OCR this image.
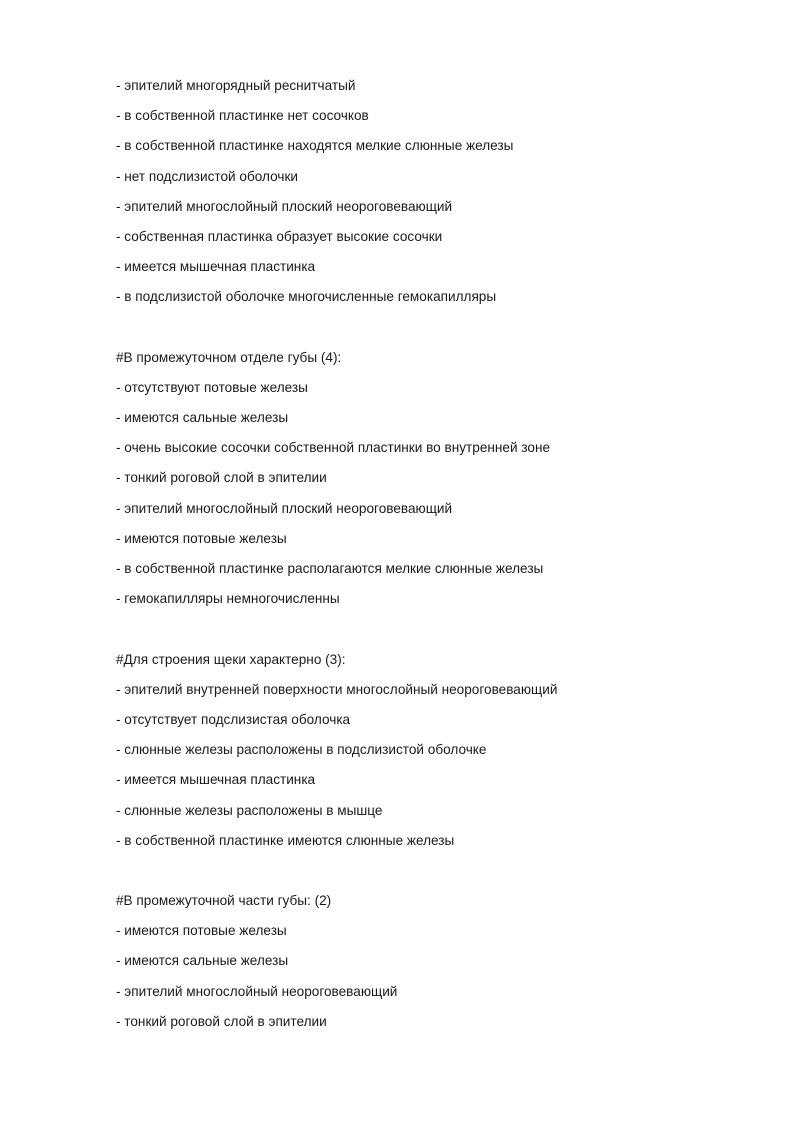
- эпителий многорядный реснитчатый
- в собственной пластинке нет сосочков
- в собственной пластинке находятся мелкие слюнные железы
- нет подслизистой оболочки
- эпителий многослойный плоский неороговевающий
- собственная пластинка образует высокие сосочки
- имеется мышечная пластинка
- в подслизистой оболочке многочисленные гемокапилляры
#В промежуточном отделе губы (4):
- отсутствуют потовые железы
- имеются сальные железы
- очень высокие сосочки собственной пластинки во внутренней зоне
- тонкий роговой слой в эпителии
- эпителий многослойный плоский неороговевающий
- имеются потовые железы
- в собственной пластинке располагаются мелкие слюнные железы
- гемокапилляры немногочисленны
#Для строения щеки характерно (3):
- эпителий внутренней поверхности многослойный неороговевающий
- отсутствует подслизистая оболочка
- слюнные железы расположены в подслизистой оболочке
- имеется мышечная пластинка
- слюнные железы расположены в мышце
- в собственной пластинке имеются слюнные железы
#В промежуточной части губы: (2)
- имеются потовые железы
- имеются сальные железы
- эпителий многослойный неороговевающий
- тонкий роговой слой в эпителии
